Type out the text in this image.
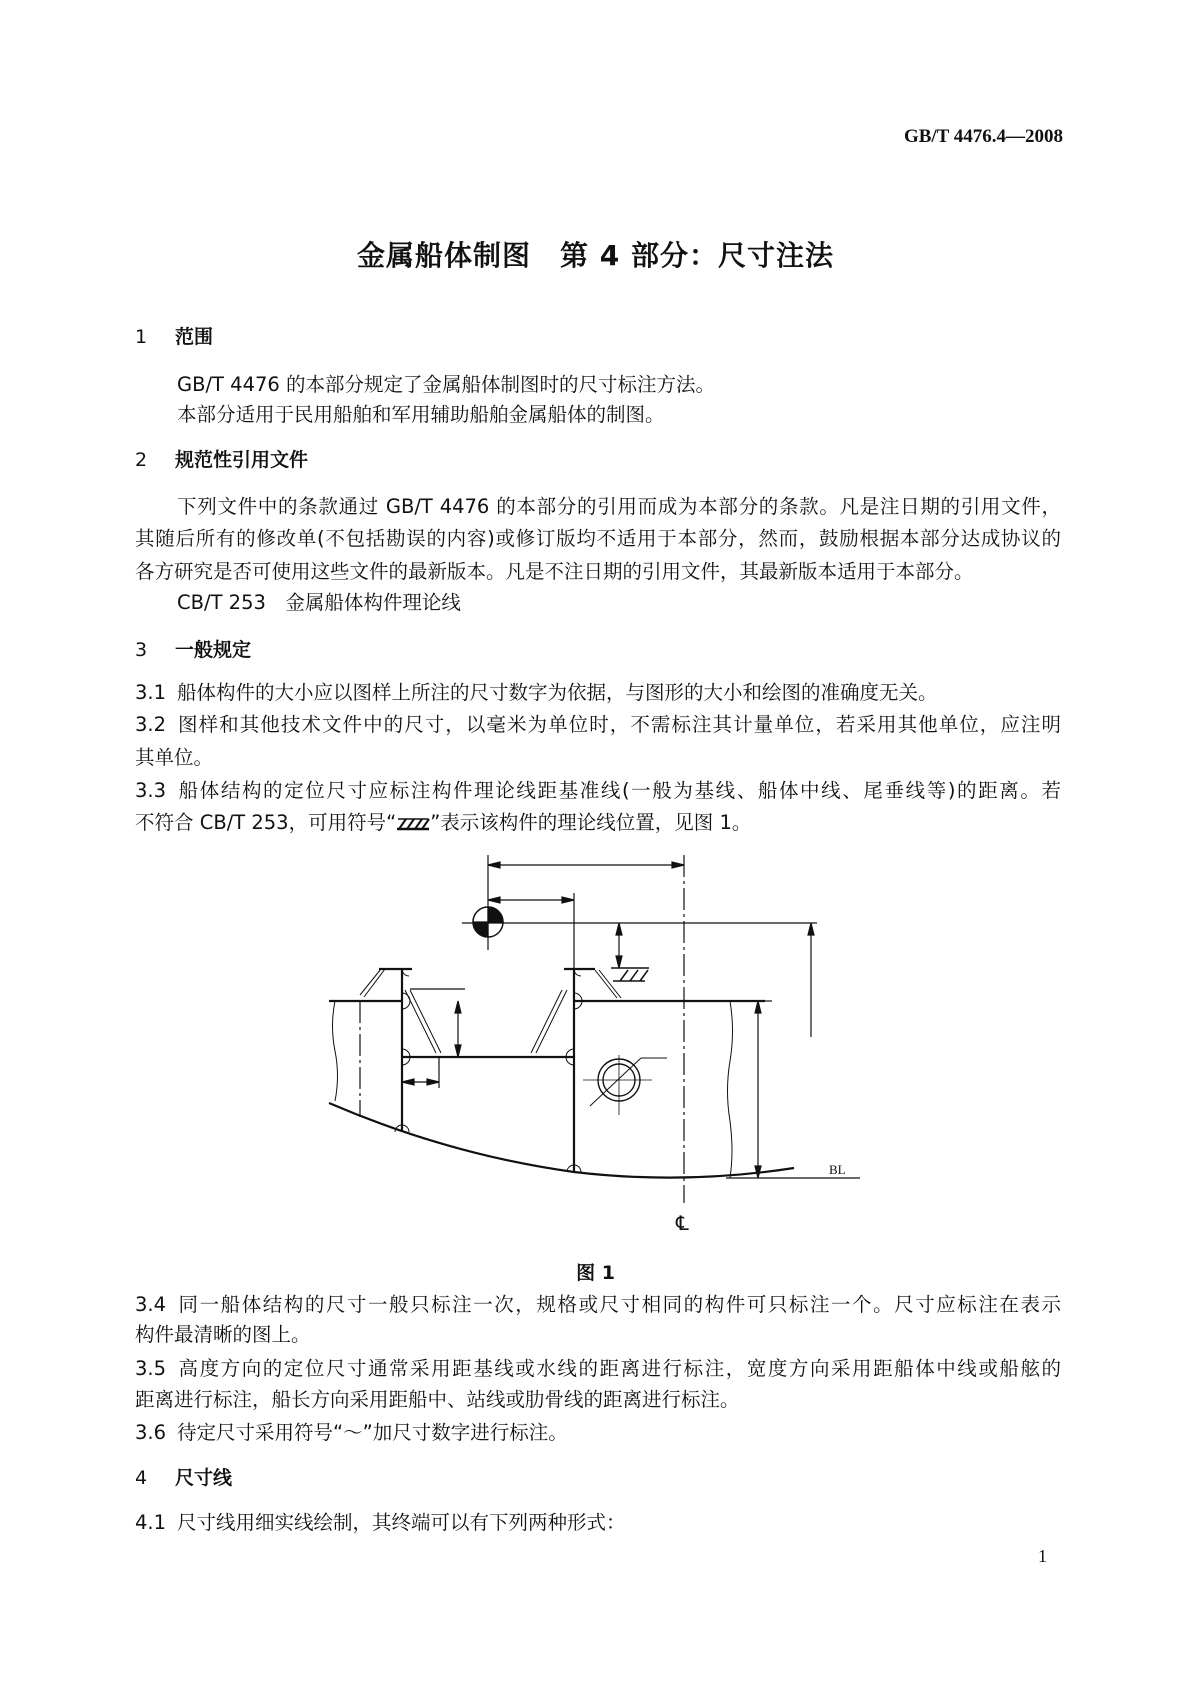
GB/T 4476.4—2008
金属船体制图　第 4 部分：尺寸注法
1 范围
GB/T 4476 的本部分规定了金属船体制图时的尺寸标注方法。
本部分适用于民用船舶和军用辅助船舶金属船体的制图。
2 规范性引用文件
下列文件中的条款通过 GB/T 4476 的本部分的引用而成为本部分的条款。凡是注日期的引用文件，
其随后所有的修改单(不包括勘误的内容)或修订版均不适用于本部分，然而，鼓励根据本部分达成协议的
各方研究是否可使用这些文件的最新版本。凡是不注日期的引用文件，其最新版本适用于本部分。
CB/T 253　 金属船体构件理论线
3 一般规定
3.1 船体构件的大小应以图样上所注的尺寸数字为依据，与图形的大小和绘图的准确度无关。
3.2 图样和其他技术文件中的尺寸，以毫米为单位时，不需标注其计量单位，若采用其他单位，应注明
其单位。
3.3 船体结构的定位尺寸应标注构件理论线距基准线(一般为基线、船体中线、尾垂线等)的距离。若
不符合 CB/T 253，可用符号“ ”表示该构件的理论线位置，见图 1。
BL
℄
图 1
3.4 同一船体结构的尺寸一般只标注一次，规格或尺寸相同的构件可只标注一个。尺寸应标注在表示
构件最清晰的图上。
3.5 高度方向的定位尺寸通常采用距基线或水线的距离进行标注，宽度方向采用距船体中线或船舷的
距离进行标注，船长方向采用距船中、站线或肋骨线的距离进行标注。
3.6 待定尺寸采用符号“～”加尺寸数字进行标注。
4 尺寸线
4.1 尺寸线用细实线绘制，其终端可以有下列两种形式：
1
